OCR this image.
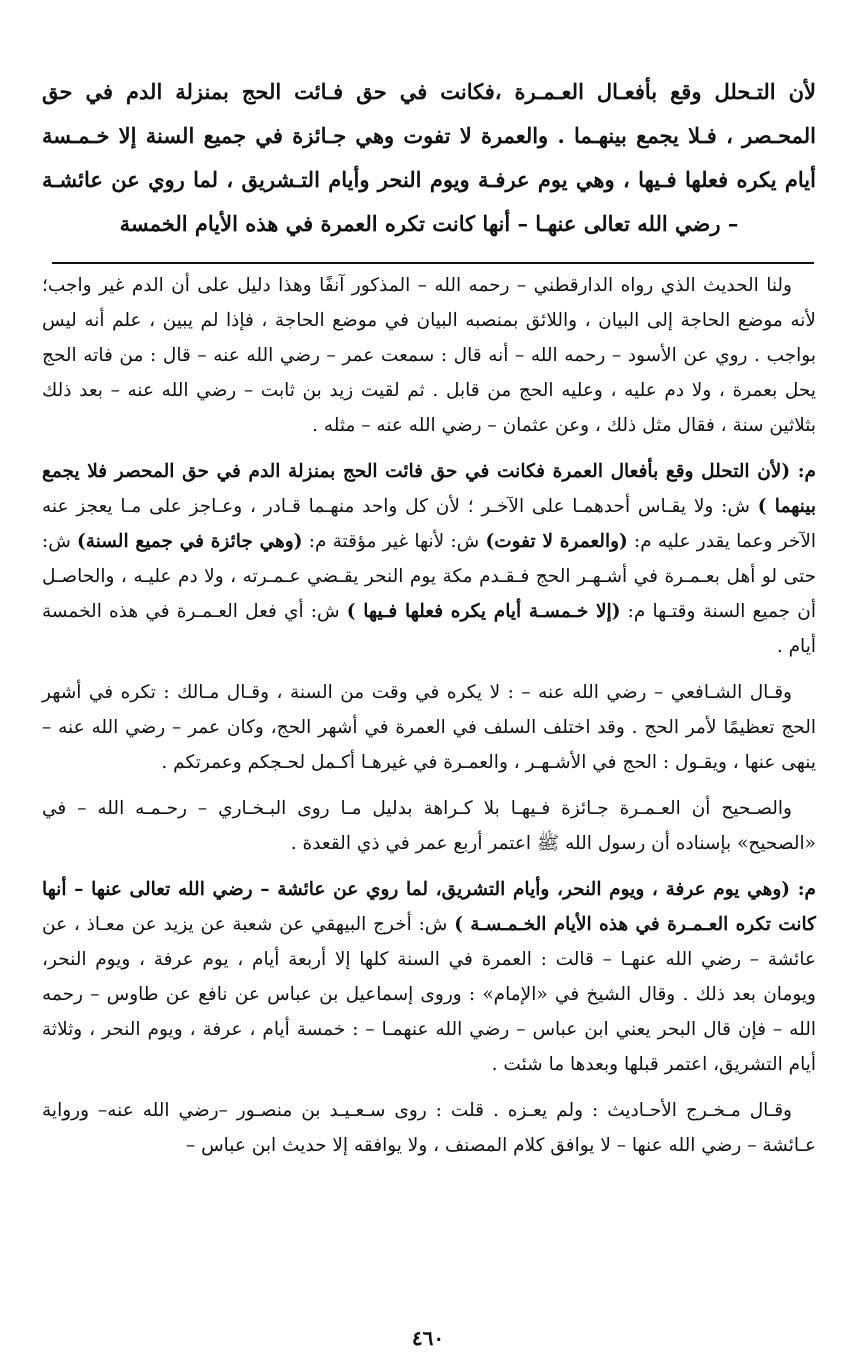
لأن التـحلل وقع بأفعـال العـمـرة ،فكانت في حق فـائت الحج بمنزلة الدم في حق المحـصر ، فـلا يجمع بينهـما . والعمرة لا تفوت وهي جـائزة في جميع السنة إلا خـمـسة أيام يكره فعلها فـيها ، وهي يوم عرفـة ويوم النحر وأيام التـشريق ، لما روي عن عائشـة – رضي الله تعالى عنهـا – أنها كانت تكره العمرة في هذه الأيام الخمسة

ولنا الحديث الذي رواه الدارقطني – رحمه الله – المذكور آنفًا وهذا دليل على أن الدم غير واجب؛ لأنه موضع الحاجة إلى البيان ، واللائق بمنصبه البيان في موضع الحاجة ، فإذا لم يبين ، علم أنه ليس بواجب . روي عن الأسود – رحمه الله – أنه قال : سمعت عمر – رضي الله عنه – قال : من فاته الحج يحل بعمرة ، ولا دم عليه ، وعليه الحج من قابل . ثم لقيت زيد بن ثابت – رضي الله عنه – بعد ذلك بثلاثين سنة ، فقال مثل ذلك ، وعن عثمان – رضي الله عنه – مثله .

م: (لأن التحلل وقع بأفعال العمرة فكانت في حق فائت الحج بمنزلة الدم في حق المحصر فلا يجمع بينهما ) ش: ولا يقـاس أحدهمـا على الآخـر ؛ لأن كل واحد منهـما قـادر ، وعـاجز على مـا يعجز عنه الآخر وعما يقدر عليه م: (والعمرة لا تفوت) ش: لأنها غير مؤقتة م: (وهي جائزة في جميع السنة) ش: حتى لو أهل بعـمـرة في أشـهـر الحج فـقـدم مكة يوم النحر يقـضي عـمـرته ، ولا دم عليـه ، والحاصـل أن جميع السنة وقتـها م: (إلا خـمسـة أيام يكره فعلها فـيها ) ش: أي فعل العـمـرة في هذه الخمسة أيام .

وقـال الشـافعي – رضي الله عنه – : لا يكره في وقت من السنة ، وقـال مـالك : تكره في أشهر الحج تعظيمًا لأمر الحج . وقد اختلف السلف في العمرة في أشهر الحج، وكان عمر – رضي الله عنه – ينهى عنها ، ويقـول : الحج في الأشـهـر ، والعمـرة في غيرهـا أكـمل لحـجكم وعمرتكم .

والصـحيح أن العـمـرة جـائزة فـيهـا بلا كـراهة بدليل مـا روى البـخـاري – رحـمـه الله – في «الصحيح» بإسناده أن رسول الله ﷺ اعتمر أربع عمر في ذي القعدة .

م: (وهي يوم عرفة ، ويوم النحر، وأيام التشريق، لما روي عن عائشة – رضي الله تعالى عنها – أنها كانت تكره العـمـرة في هذه الأيام الخـمـسـة ) ش: أخرج البيهقي عن شعبة عن يزيد عن معـاذ ، عن عائشة – رضي الله عنهـا – قالت : العمرة في السنة كلها إلا أربعة أيام ، يوم عرفة ، ويوم النحر، ويومان بعد ذلك . وقال الشيخ في «الإمام» : وروى إسماعيل بن عباس عن نافع عن طاوس – رحمه الله – فإن قال البحر يعني ابن عباس – رضي الله عنهمـا – : خمسة أيام ، عرفة ، ويوم النحر ، وثلاثة أيام التشريق، اعتمر قبلها وبعدها ما شئت .

وقـال مـخـرج الأحـاديث : ولم يعـزه . قلت : روى سـعـيـد بن منصـور –رضي الله عنه– ورواية عـائشة – رضي الله عنها – لا يوافق كلام المصنف ، ولا يوافقه إلا حديث ابن عباس –

٤٦٠
